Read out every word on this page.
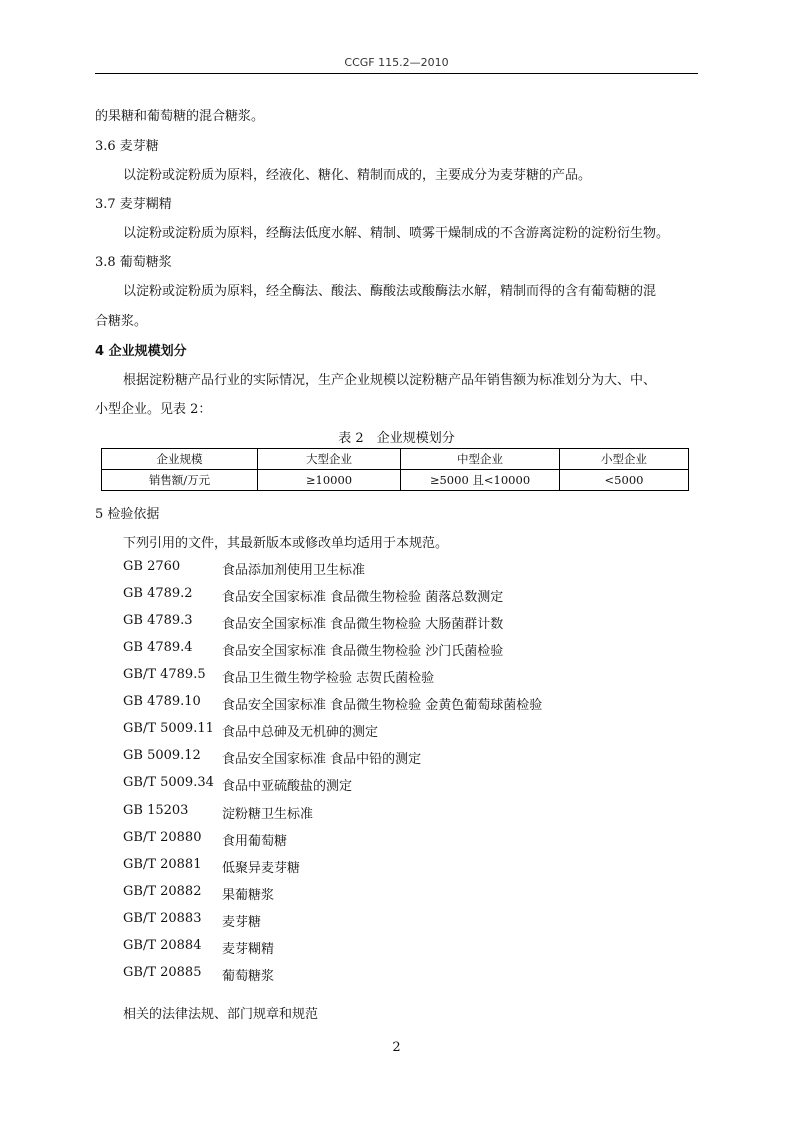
CCGF 115.2—2010
的果糖和葡萄糖的混合糖浆。
3.6 麦芽糖
以淀粉或淀粉质为原料，经液化、糖化、精制而成的，主要成分为麦芽糖的产品。
3.7 麦芽糊精
以淀粉或淀粉质为原料，经酶法低度水解、精制、喷雾干燥制成的不含游离淀粉的淀粉衍生物。
3.8 葡萄糖浆
以淀粉或淀粉质为原料，经全酶法、酸法、酶酸法或酸酶法水解，精制而得的含有葡萄糖的混
合糖浆。
4 企业规模划分
根据淀粉糖产品行业的实际情况，生产企业规模以淀粉糖产品年销售额为标准划分为大、中、
小型企业。见表 2：
表 2　企业规模划分
企业规模	大型企业	中型企业	小型企业
销售额/万元	≥10000	≥5000 且<10000	<5000
5 检验依据
下列引用的文件，其最新版本或修改单均适用于本规范。
GB 2760	食品添加剂使用卫生标准
GB 4789.2 食品安全国家标准 食品微生物检验 菌落总数测定
GB 4789.3 食品安全国家标准 食品微生物检验 大肠菌群计数
GB 4789.4 食品安全国家标准 食品微生物检验 沙门氏菌检验
GB/T 4789.5 食品卫生微生物学检验 志贺氏菌检验
GB 4789.10 食品安全国家标准 食品微生物检验 金黄色葡萄球菌检验
GB/T 5009.11 食品中总砷及无机砷的测定
GB 5009.12 食品安全国家标准 食品中铅的测定
GB/T 5009.34 食品中亚硫酸盐的测定
GB 15203	淀粉糖卫生标准
GB/T 20880 食用葡萄糖
GB/T 20881 低聚异麦芽糖
GB/T 20882 果葡糖浆
GB/T 20883 麦芽糖
GB/T 20884 麦芽糊精
GB/T 20885 葡萄糖浆
相关的法律法规、部门规章和规范
2
